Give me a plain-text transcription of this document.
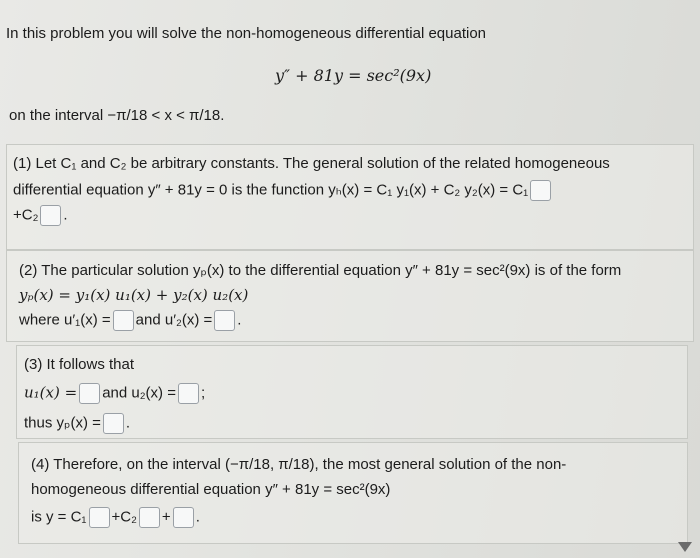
In this problem you will solve the non-homogeneous differential equation
y″ + 81y = sec²(9x)
on the interval −π/18 < x < π/18.
(1) Let C₁ and C₂ be arbitrary constants. The general solution of the related homogeneous
differential equation y″ + 81y = 0 is the function yₕ(x) = C₁ y₁(x) + C₂ y₂(x) = C₁
+C₂ .
(2) The particular solution yₚ(x) to the differential equation y″ + 81y = sec²(9x) is of the form
yₚ(x) = y₁(x) u₁(x) + y₂(x) u₂(x)
where u′₁(x) = and u′₂(x) = .
(3) It follows that
u₁(x) = and u₂(x) = ;
thus yₚ(x) = .
(4) Therefore, on the interval (−π/18, π/18), the most general solution of the non-
homogeneous differential equation y″ + 81y = sec²(9x)
is y = C₁ +C₂ + .
